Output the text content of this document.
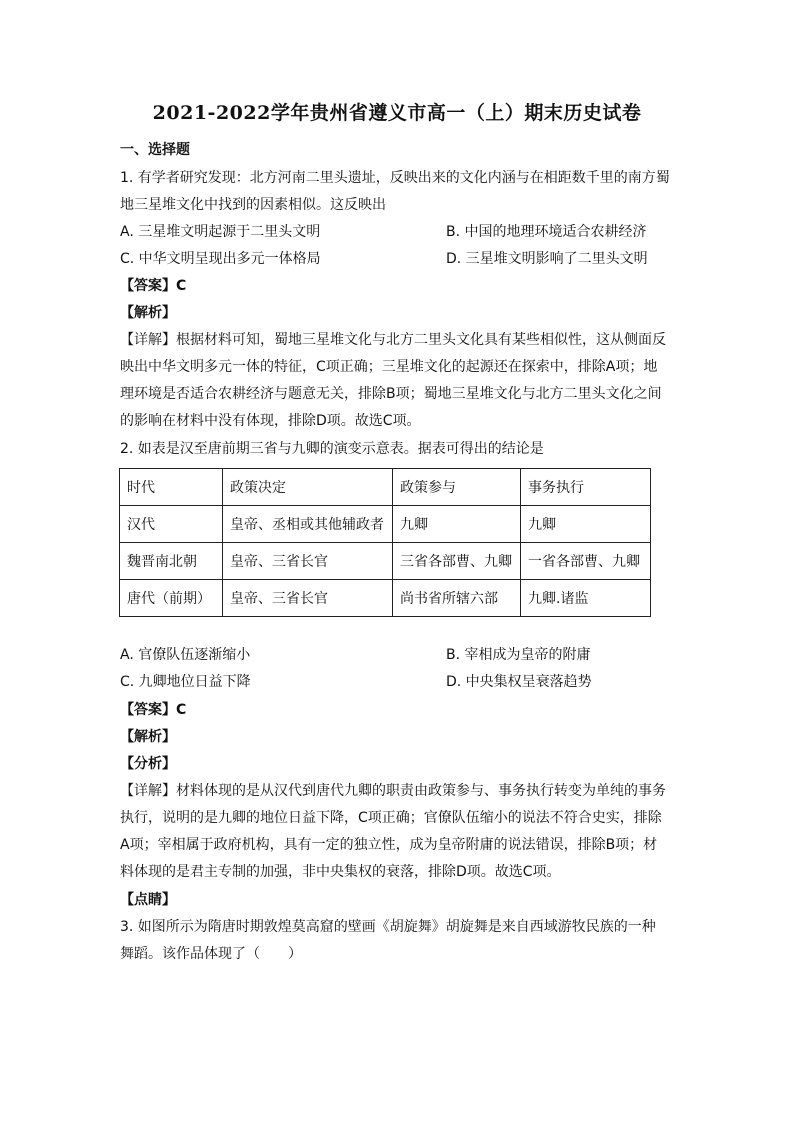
2021-2022学年贵州省遵义市高一（上）期末历史试卷
一、选择题
1. 有学者研究发现：北方河南二里头遗址，反映出来的文化内涵与在相距数千里的南方蜀
地三星堆文化中找到的因素相似。这反映出
A. 三星堆文明起源于二里头文明	B. 中国的地理环境适合农耕经济
C. 中华文明呈现出多元一体格局	D. 三星堆文明影响了二里头文明
【答案】C
【解析】
【详解】根据材料可知，蜀地三星堆文化与北方二里头文化具有某些相似性，这从侧面反
映出中华文明多元一体的特征，C项正确；三星堆文化的起源还在探索中，排除A项；地
理环境是否适合农耕经济与题意无关，排除B项；蜀地三星堆文化与北方二里头文化之间
的影响在材料中没有体现，排除D项。故选C项。
2. 如表是汉至唐前期三省与九卿的演变示意表。据表可得出的结论是
时代	政策决定	政策参与	事务执行
汉代	皇帝、丞相或其他辅政者	九卿	九卿
魏晋南北朝	皇帝、三省长官	三省各部曹、九卿	一省各部曹、九卿
唐代（前期）	皇帝、三省长官	尚书省所辖六部	九卿.诸监
A. 官僚队伍逐渐缩小	B. 宰相成为皇帝的附庸
C. 九卿地位日益下降	D. 中央集权呈衰落趋势
【答案】C
【解析】
【分析】
【详解】材料体现的是从汉代到唐代九卿的职责由政策参与、事务执行转变为单纯的事务
执行，说明的是九卿的地位日益下降，C项正确；官僚队伍缩小的说法不符合史实，排除
A项；宰相属于政府机构，具有一定的独立性，成为皇帝附庸的说法错误，排除B项；材
料体现的是君主专制的加强，非中央集权的衰落，排除D项。故选C项。
【点睛】
3. 如图所示为隋唐时期敦煌莫高窟的壁画《胡旋舞》胡旋舞是来自西域游牧民族的一种
舞蹈。该作品体现了（　　）
